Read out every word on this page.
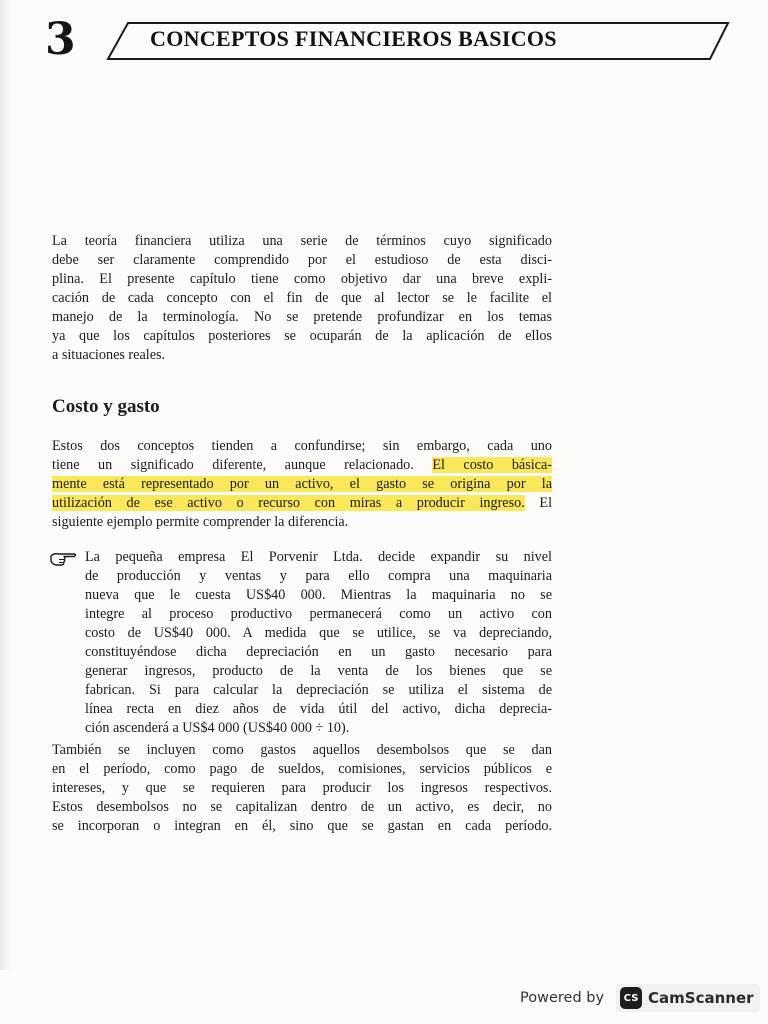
3	CONCEPTOS FINANCIEROS BASICOS
La teoría financiera utiliza una serie de términos cuyo significado
debe ser claramente comprendido por el estudioso de esta disci-
plina. El presente capítulo tiene como objetivo dar una breve expli-
cación de cada concepto con el fin de que al lector se le facilite el
manejo de la terminología. No se pretende profundizar en los temas
ya que los capítulos posteriores se ocuparán de la aplicación de ellos
a situaciones reales.
Costo y gasto
Estos dos conceptos tienden a confundirse; sin embargo, cada uno
tiene un significado diferente, aunque relacionado. El costo básica-
mente está representado por un activo, el gasto se origina por la
utilización de ese activo o recurso con miras a producir ingreso. El
siguiente ejemplo permite comprender la diferencia.
La pequeña empresa El Porvenir Ltda. decide expandir su nivel
de producción y ventas y para ello compra una maquinaria
nueva que le cuesta US$40 000. Mientras la maquinaria no se
integre al proceso productivo permanecerá como un activo con
costo de US$40 000. A medida que se utilice, se va depreciando,
constituyéndose dicha depreciación en un gasto necesario para
generar ingresos, producto de la venta de los bienes que se
fabrican. Si para calcular la depreciación se utiliza el sistema de
línea recta en diez años de vida útil del activo, dicha deprecia-
ción ascenderá a US$4 000 (US$40 000 ÷ 10).
También se incluyen como gastos aquellos desembolsos que se dan
en el período, como pago de sueldos, comisiones, servicios públicos e
intereses, y que se requieren para producir los ingresos respectivos.
Estos desembolsos no se capitalizan dentro de un activo, es decir, no
se incorporan o integran en él, sino que se gastan en cada período.
Powered by	CS CamScanner
